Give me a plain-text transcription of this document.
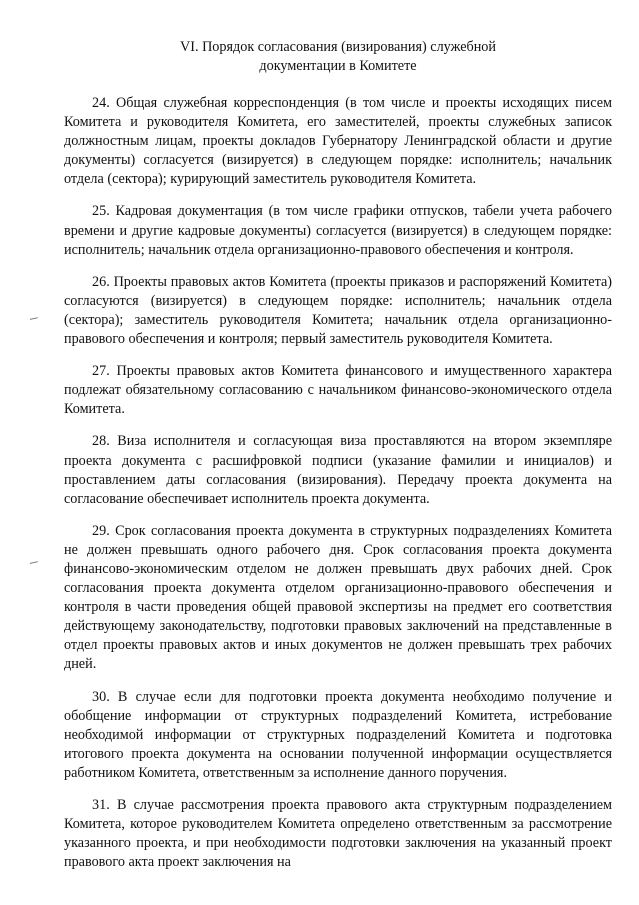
VI. Порядок согласования (визирования) служебной
документации в Комитете

24. Общая служебная корреспонденция (в том числе и проекты исходящих писем Комитета и руководителя Комитета, его заместителей, проекты служебных записок должностным лицам, проекты докладов Губернатору Ленинградской области и другие документы) согласуется (визируется) в следующем порядке: исполнитель; начальник отдела (сектора); курирующий заместитель руководителя Комитета.

25. Кадровая документация (в том числе графики отпусков, табели учета рабочего времени и другие кадровые документы) согласуется (визируется) в следующем порядке: исполнитель; начальник отдела организационно-правового обеспечения и контроля.

26. Проекты правовых актов Комитета (проекты приказов и распоряжений Комитета) согласуются (визируется) в следующем порядке: исполнитель; начальник отдела (сектора); заместитель руководителя Комитета; начальник отдела организационно-правового обеспечения и контроля; первый заместитель руководителя Комитета.

27. Проекты правовых актов Комитета финансового и имущественного характера подлежат обязательному согласованию с начальником финансово-экономического отдела Комитета.

28. Виза исполнителя и согласующая виза проставляются на втором экземпляре проекта документа с расшифровкой подписи (указание фамилии и инициалов) и проставлением даты согласования (визирования). Передачу проекта документа на согласование обеспечивает исполнитель проекта документа.

29. Срок согласования проекта документа в структурных подразделениях Комитета не должен превышать одного рабочего дня. Срок согласования проекта документа финансово-экономическим отделом не должен превышать двух рабочих дней. Срок согласования проекта документа отделом организационно-правового обеспечения и контроля в части проведения общей правовой экспертизы на предмет его соответствия действующему законодательству, подготовки правовых заключений на представленные в отдел проекты правовых актов и иных документов не должен превышать трех рабочих дней.

30. В случае если для подготовки проекта документа необходимо получение и обобщение информации от структурных подразделений Комитета, истребование необходимой информации от структурных подразделений Комитета и подготовка итогового проекта документа на основании полученной информации осуществляется работником Комитета, ответственным за исполнение данного поручения.

31. В случае рассмотрения проекта правового акта структурным подразделением Комитета, которое руководителем Комитета определено ответственным за рассмотрение указанного проекта, и при необходимости подготовки заключения на указанный проект правового акта проект заключения на
